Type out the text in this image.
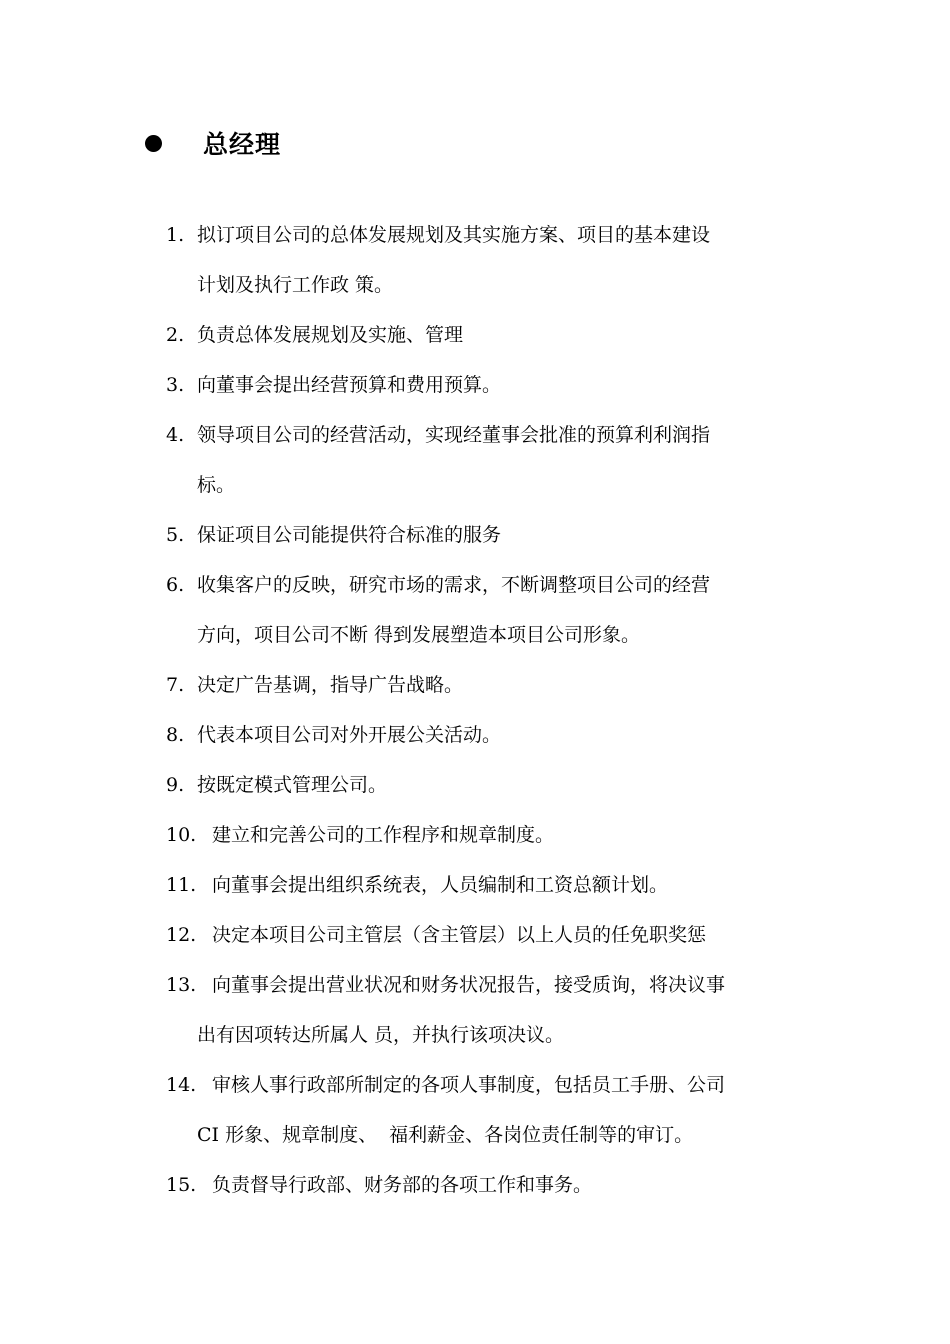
总经理
1. 拟订项目公司的总体发展规划及其实施方案、项目的基本建设
计划及执行工作政 策。
2. 负责总体发展规划及实施、管理
3. 向董事会提出经营预算和费用预算。
4. 领导项目公司的经营活动，实现经董事会批准的预算利利润指
标。
5. 保证项目公司能提供符合标准的服务
6. 收集客户的反映，研究市场的需求，不断调整项目公司的经营
方向，项目公司不断 得到发展塑造本项目公司形象。
7. 决定广告基调，指导广告战略。
8. 代表本项目公司对外开展公关活动。
9. 按既定模式管理公司。
10. 建立和完善公司的工作程序和规章制度。
11. 向董事会提出组织系统表，人员编制和工资总额计划。
12. 决定本项目公司主管层（含主管层）以上人员的任免职奖惩
13. 向董事会提出营业状况和财务状况报告，接受质询，将决议事
出有因项转达所属人 员，并执行该项决议。
14. 审核人事行政部所制定的各项人事制度，包括员工手册、公司
CI 形象、规章制度、  福利薪金、各岗位责任制等的审订。
15. 负责督导行政部、财务部的各项工作和事务。
